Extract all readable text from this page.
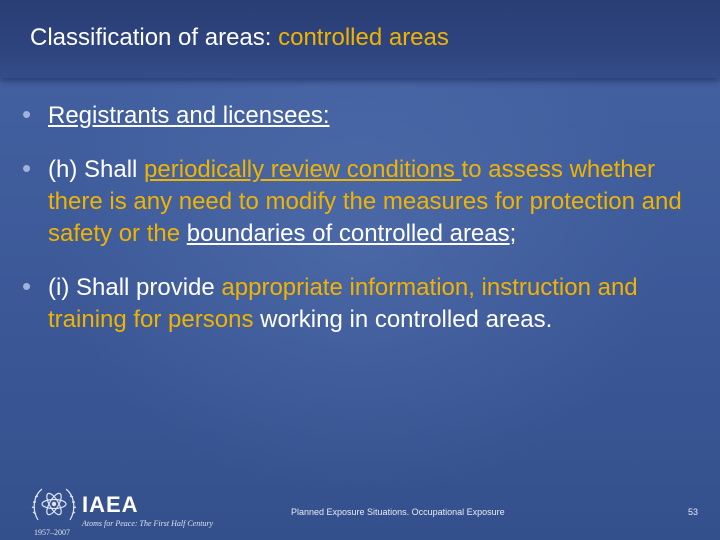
Classification of areas: controlled areas
• Registrants and licensees:
• (h) Shall periodically review conditions to assess whether there is any need to modify the measures for protection and safety or the boundaries of controlled areas;
• (i) Shall provide appropriate information, instruction and training for persons working in controlled areas.
IAEA
Atoms for Peace: The First Half Century
1957–2007
Planned Exposure Situations. Occupational Exposure	53
